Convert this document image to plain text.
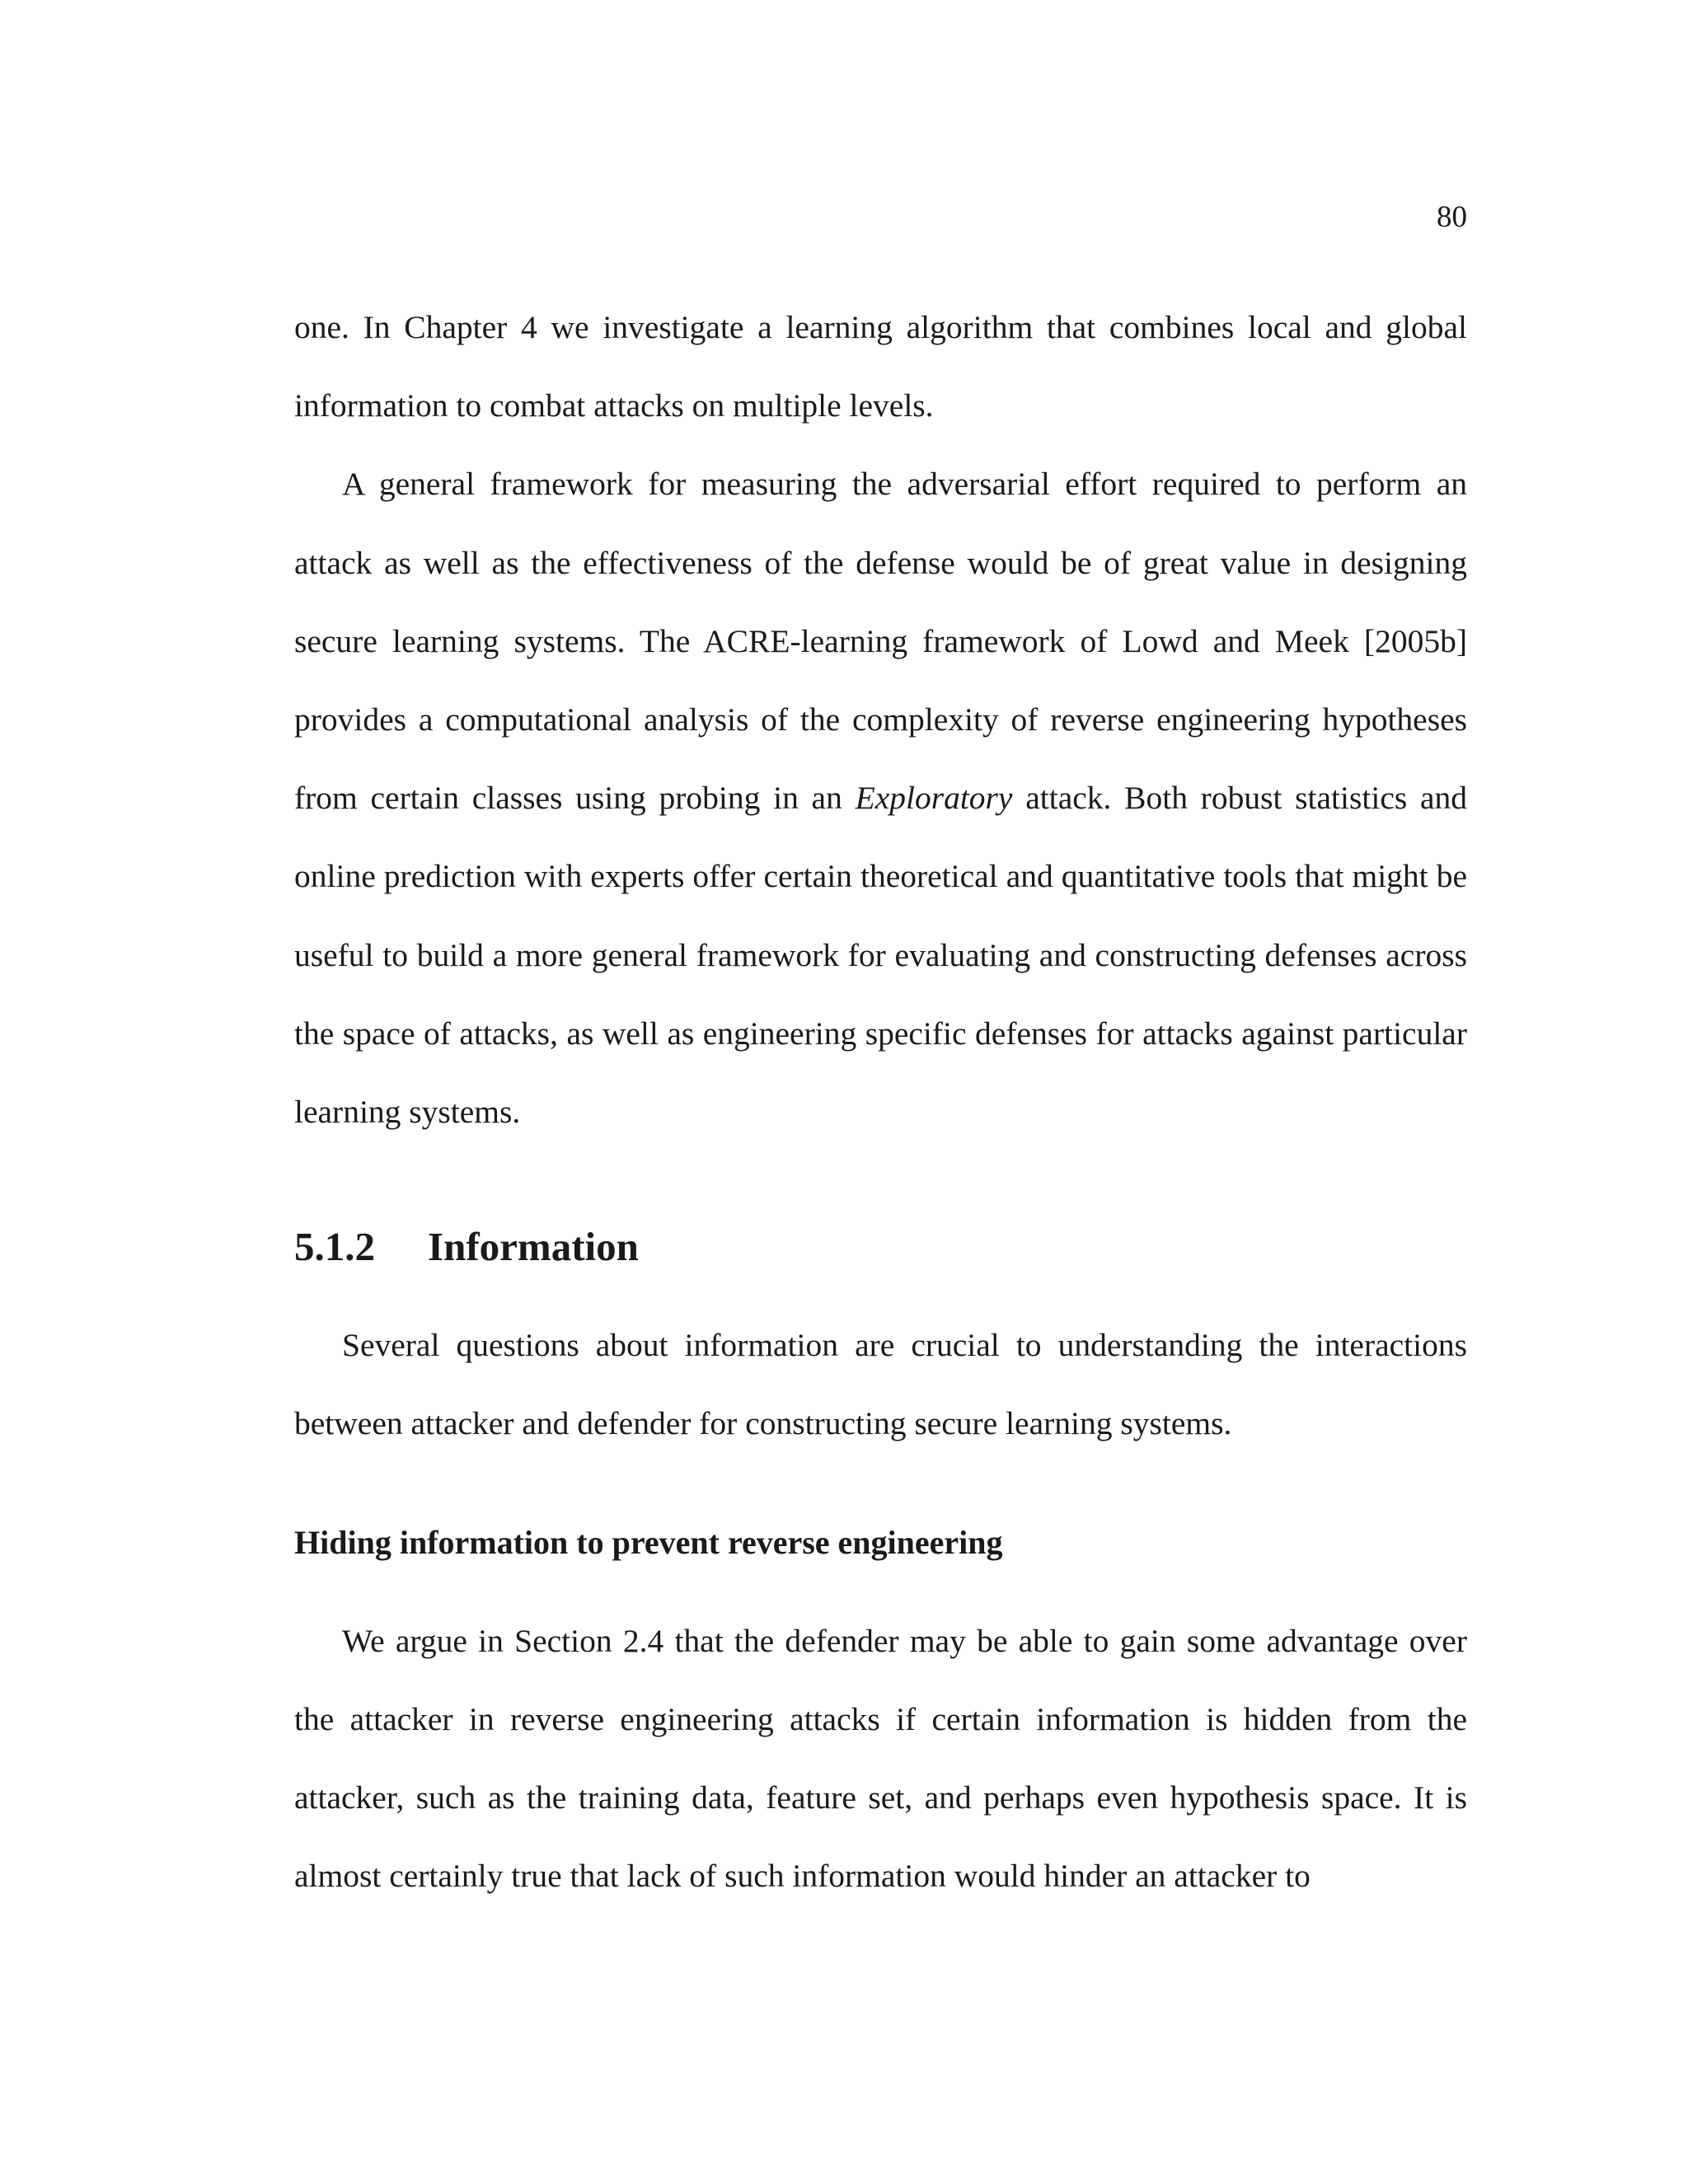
80

one. In Chapter 4 we investigate a learning algorithm that combines local and global information to combat attacks on multiple levels.

A general framework for measuring the adversarial effort required to perform an attack as well as the effectiveness of the defense would be of great value in designing secure learning systems. The ACRE-learning framework of Lowd and Meek [2005b] provides a computational analysis of the complexity of reverse engineering hypotheses from certain classes using probing in an Exploratory attack. Both robust statistics and online prediction with experts offer certain theoretical and quantitative tools that might be useful to build a more general framework for evaluating and constructing defenses across the space of attacks, as well as engineering specific defenses for attacks against particular learning systems.

5.1.2 Information

Several questions about information are crucial to understanding the interactions between attacker and defender for constructing secure learning systems.

Hiding information to prevent reverse engineering

We argue in Section 2.4 that the defender may be able to gain some advantage over the attacker in reverse engineering attacks if certain information is hidden from the attacker, such as the training data, feature set, and perhaps even hypothesis space. It is almost certainly true that lack of such information would hinder an attacker to
